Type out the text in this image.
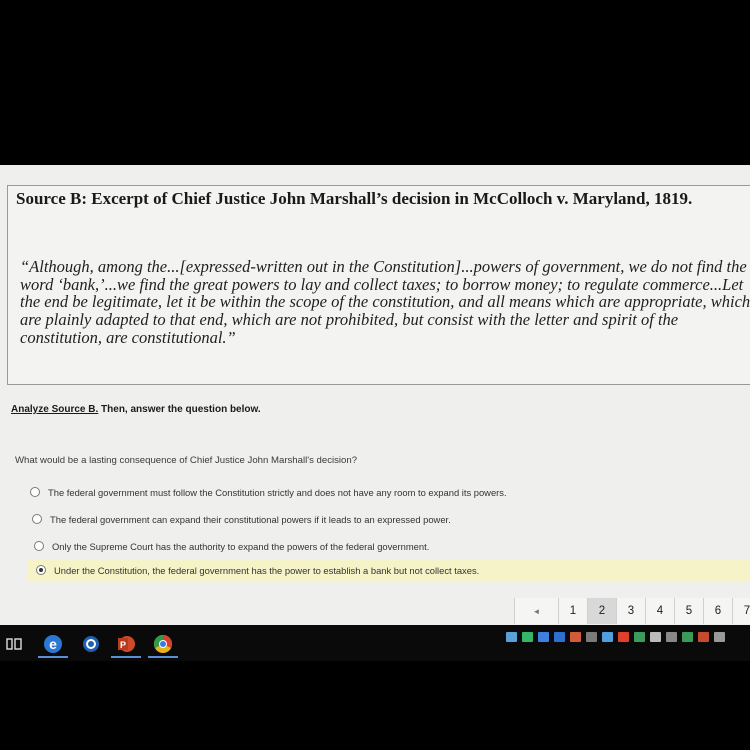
Source B: Excerpt of Chief Justice John Marshall’s decision in McColloch v. Maryland, 1819.
“Although, among the...[expressed-written out in the Constitution]...powers of government, we do not find the word ‘bank,’...we find the great powers to lay and collect taxes; to borrow money; to regulate commerce...Let the end be legitimate, let it be within the scope of the constitution, and all means which are appropriate, which are plainly adapted to that end, which are not prohibited, but consist with the letter and spirit of the constitution, are constitutional.”
Analyze Source B. Then, answer the question below.
What would be a lasting consequence of Chief Justice John Marshall's decision?
The federal government must follow the Constitution strictly and does not have any room to expand its powers.
The federal government can expand their constitutional powers if it leads to an expressed power.
Only the Supreme Court has the authority to expand the powers of the federal government.
Under the Constitution, the federal government has the power to establish a bank but not collect taxes.
◄	1	2	3	4	5	6	7
e	P
